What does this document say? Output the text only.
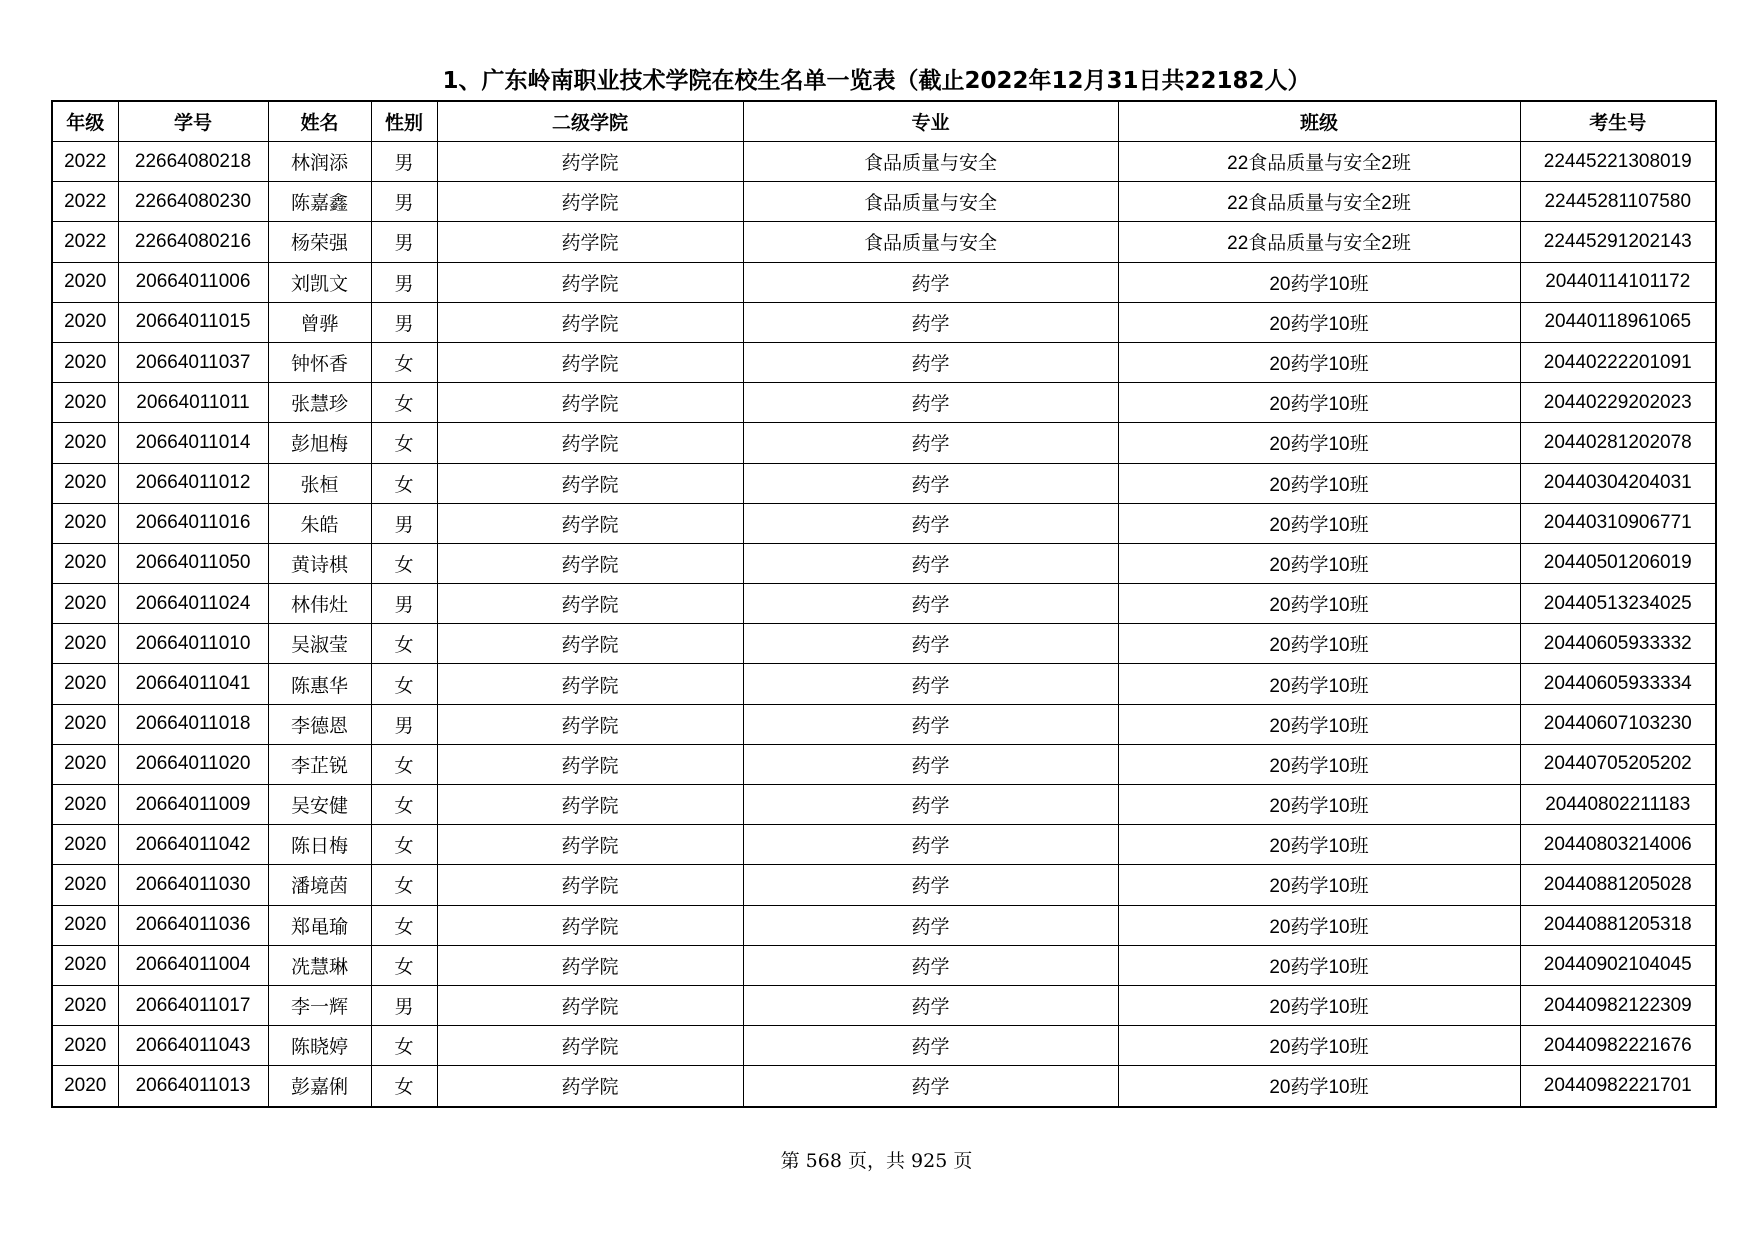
1、广东岭南职业技术学院在校生名单一览表（截止2022年12月31日共22182人）
年级	学号	姓名	性别	二级学院	专业	班级	考生号
2022	22664080218	林润添	男	药学院	食品质量与安全	22食品质量与安全2班	22445221308019
2022	22664080230	陈嘉鑫	男	药学院	食品质量与安全	22食品质量与安全2班	22445281107580
2022	22664080216	杨荣强	男	药学院	食品质量与安全	22食品质量与安全2班	22445291202143
2020	20664011006	刘凯文	男	药学院	药学	20药学10班	20440114101172
2020	20664011015	曾骅	男	药学院	药学	20药学10班	20440118961065
2020	20664011037	钟怀香	女	药学院	药学	20药学10班	20440222201091
2020	20664011011	张慧珍	女	药学院	药学	20药学10班	20440229202023
2020	20664011014	彭旭梅	女	药学院	药学	20药学10班	20440281202078
2020	20664011012	张桓	女	药学院	药学	20药学10班	20440304204031
2020	20664011016	朱皓	男	药学院	药学	20药学10班	20440310906771
2020	20664011050	黄诗棋	女	药学院	药学	20药学10班	20440501206019
2020	20664011024	林伟灶	男	药学院	药学	20药学10班	20440513234025
2020	20664011010	吴淑莹	女	药学院	药学	20药学10班	20440605933332
2020	20664011041	陈惠华	女	药学院	药学	20药学10班	20440605933334
2020	20664011018	李德恩	男	药学院	药学	20药学10班	20440607103230
2020	20664011020	李芷锐	女	药学院	药学	20药学10班	20440705205202
2020	20664011009	吴安健	女	药学院	药学	20药学10班	20440802211183
2020	20664011042	陈日梅	女	药学院	药学	20药学10班	20440803214006
2020	20664011030	潘境茵	女	药学院	药学	20药学10班	20440881205028
2020	20664011036	郑黾瑜	女	药学院	药学	20药学10班	20440881205318
2020	20664011004	冼慧琳	女	药学院	药学	20药学10班	20440902104045
2020	20664011017	李一辉	男	药学院	药学	20药学10班	20440982122309
2020	20664011043	陈晓婷	女	药学院	药学	20药学10班	20440982221676
2020	20664011013	彭嘉俐	女	药学院	药学	20药学10班	20440982221701
第 568 页，共 925 页
